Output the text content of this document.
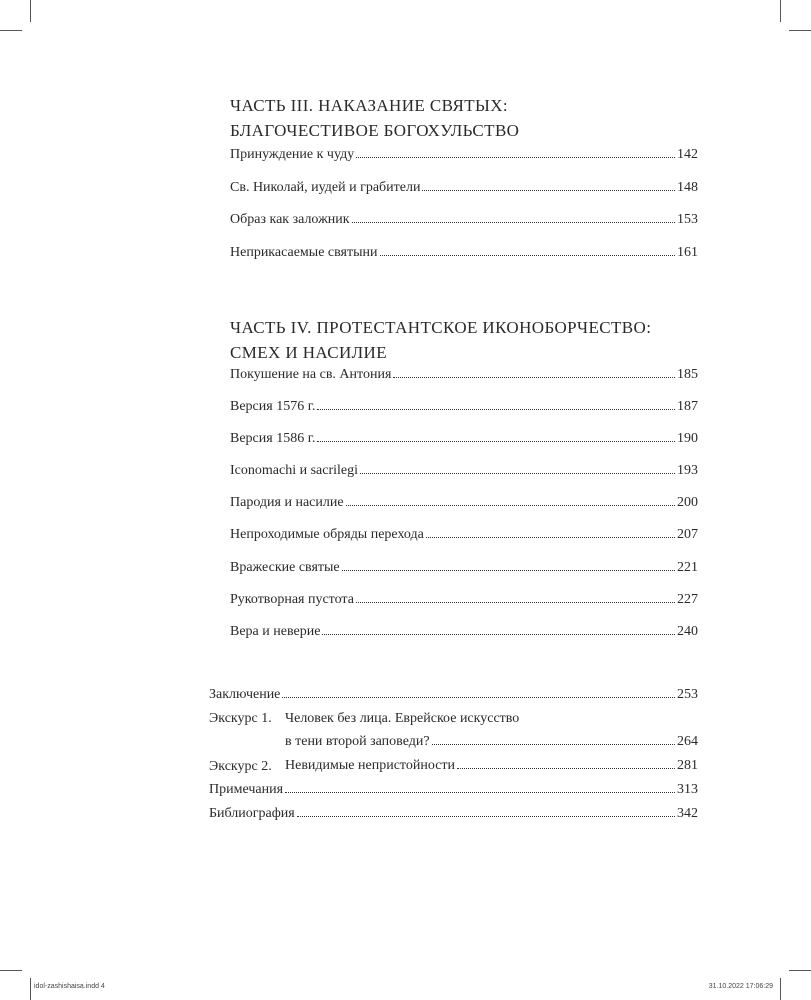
ЧАСТЬ III. НАКАЗАНИЕ СВЯТЫХ:
БЛАГОЧЕСТИВОЕ БОГОХУЛЬСТВО
Принуждение к чуду	142
Св. Николай, иудей и грабители	148
Образ как заложник	153
Неприкасаемые святыни	161
ЧАСТЬ IV. ПРОТЕСТАНТСКОЕ ИКОНОБОРЧЕСТВО:
СМЕХ И НАСИЛИЕ
Покушение на св. Антония	185
Версия 1576 г.	187
Версия 1586 г.	190
Iconomachi и sacrilegi	193
Пародия и насилие	200
Непроходимые обряды перехода	207
Вражеские святые	221
Рукотворная пустота	227
Вера и неверие	240
Заключение	253
Экскурс 1. Человек без лица. Еврейское искусство
в тени второй заповеди?	264
Экскурс 2. Невидимые непристойности	281
Примечания	313
Библиография	342
idol-zashishaisa.indd 4	31.10.2022 17:06:29
